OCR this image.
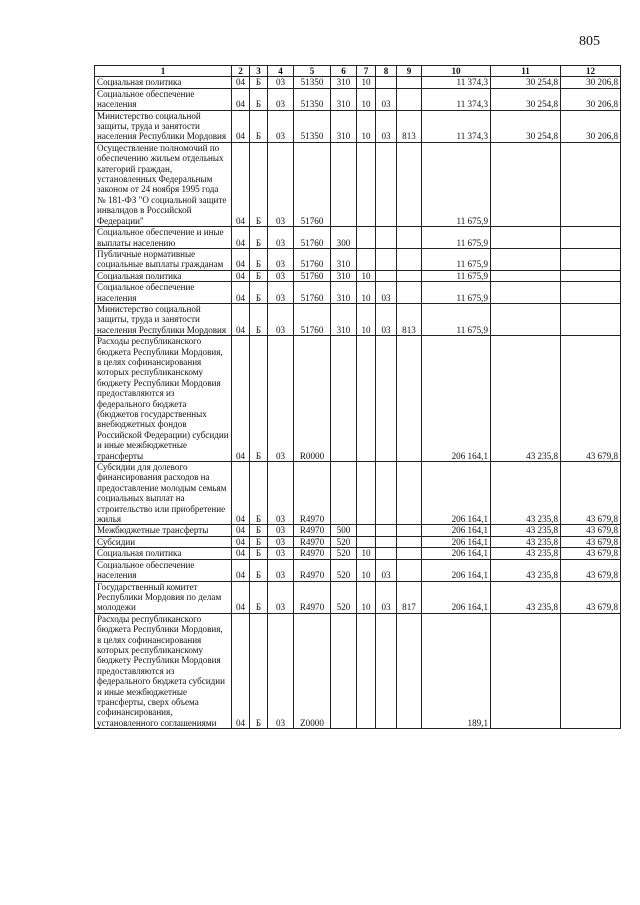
805
1	2	3	4	5	6	7	8	9	10	11	12
Социальная политика	04	Б	03	51350	310	10			11 374,3	30 254,8	30 206,8
Социальное обеспечение населения	04	Б	03	51350	310	10	03		11 374,3	30 254,8	30 206,8
Министерство социальной защиты, труда и занятости населения Республики Мордовия	04	Б	03	51350	310	10	03	813	11 374,3	30 254,8	30 206,8
Осуществление полномочий по обеспечению жильем отдельных категорий граждан, установленных Федеральным законом от 24 ноября 1995 года № 181-ФЗ "О социальной защите инвалидов в Российской Федерации"	04	Б	03	51760					11 675,9		
Социальное обеспечение и иные выплаты населению	04	Б	03	51760	300				11 675,9		
Публичные нормативные социальные выплаты гражданам	04	Б	03	51760	310				11 675,9		
Социальная политика	04	Б	03	51760	310	10			11 675,9		
Социальное обеспечение населения	04	Б	03	51760	310	10	03		11 675,9		
Министерство социальной защиты, труда и занятости населения Республики Мордовия	04	Б	03	51760	310	10	03	813	11 675,9		
Расходы республиканского бюджета Республики Мордовия, в целях софинансирования которых республиканскому бюджету Республики Мордовия предоставляются из федерального бюджета (бюджетов государственных внебюджетных фондов Российской Федерации) субсидии и иные межбюджетные трансферты	04	Б	03	R0000					206 164,1	43 235,8	43 679,8
Субсидии для долевого финансирования расходов на предоставление молодым семьям социальных выплат на строительство или приобретение жилья	04	Б	03	R4970					206 164,1	43 235,8	43 679,8
Межбюджетные трансферты	04	Б	03	R4970	500				206 164,1	43 235,8	43 679,8
Субсидии	04	Б	03	R4970	520				206 164,1	43 235,8	43 679,8
Социальная политика	04	Б	03	R4970	520	10			206 164,1	43 235,8	43 679,8
Социальное обеспечение населения	04	Б	03	R4970	520	10	03		206 164,1	43 235,8	43 679,8
Государственный комитет Республики Мордовия по делам молодежи	04	Б	03	R4970	520	10	03	817	206 164,1	43 235,8	43 679,8
Расходы республиканского бюджета Республики Мордовия, в целях софинансирования которых республиканскому бюджету Республики Мордовия предоставляются из федерального бюджета субсидии и иные межбюджетные трансферты, сверх объема софинансирования, установленного соглашениями	04	Б	03	Z0000					189,1		
